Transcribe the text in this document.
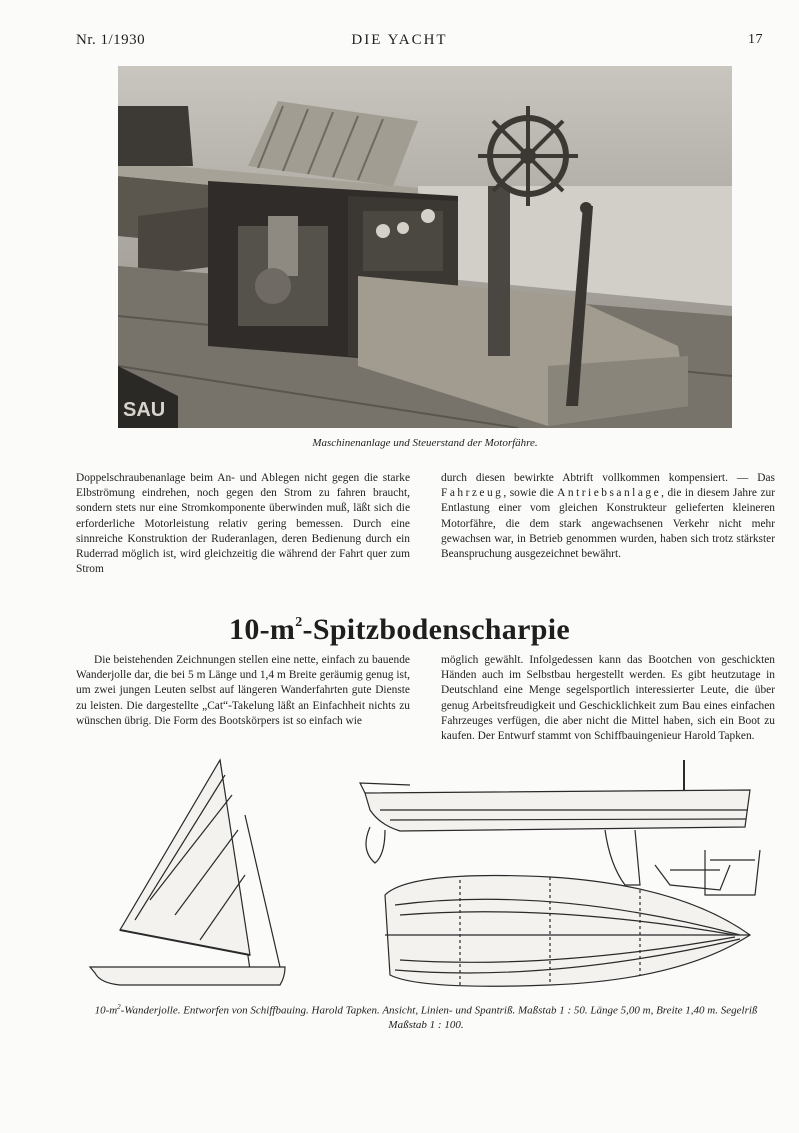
Nr. 1/1930	DIE YACHT	17
SAU
Maschinenanlage und Steuerstand der Motorfähre.

Doppelschraubenanlage beim An- und Ablegen nicht gegen die starke Elbströmung eindrehen, noch gegen den Strom zu fahren braucht, sondern stets nur eine Stromkomponente überwinden muß, läßt sich die erforderliche Motorleistung relativ gering bemessen. Durch eine sinnreiche Konstruktion der Ruderanlagen, deren Bedienung durch ein Ruderrad möglich ist, wird gleichzeitig die während der Fahrt quer zum Strom

durch diesen bewirkte Abtrift vollkommen kompensiert. — Das Fahrzeug, sowie die Antriebsanlage, die in diesem Jahre zur Entlastung einer vom gleichen Konstrukteur gelieferten kleineren Motorfähre, die dem stark angewachsenen Verkehr nicht mehr gewachsen war, in Betrieb genommen wurden, haben sich trotz stärkster Beanspruchung ausgezeichnet bewährt.

$10-m^2$-Spitzbodenscharpie

Die beistehenden Zeichnungen stellen eine nette, einfach zu bauende Wanderjolle dar, die bei 5 m Länge und 1,4 m Breite geräumig genug ist, um zwei jungen Leuten selbst auf längeren Wanderfahrten gute Dienste zu leisten. Die dargestellte „Cat“-Takelung läßt an Einfachheit nichts zu wünschen übrig. Die Form des Bootskörpers ist so einfach wie

möglich gewählt. Infolgedessen kann das Bootchen von geschickten Händen auch im Selbstbau hergestellt werden. Es gibt heutzutage in Deutschland eine Menge segelsportlich interessierter Leute, die über genug Arbeitsfreudigkeit und Geschicklichkeit zum Bau eines einfachen Fahrzeuges verfügen, die aber nicht die Mittel haben, sich ein Boot zu kaufen. Der Entwurf stammt von Schiffbauingenieur Harold Tapken.

$10-m^2$-Wanderjolle. Entworfen von Schiffbauing. Harold Tapken. Ansicht, Linien- und Spantriß. Maßstab 1 : 50. Länge 5,00 m, Breite 1,40 m. Segelriß Maßstab 1 : 100.
